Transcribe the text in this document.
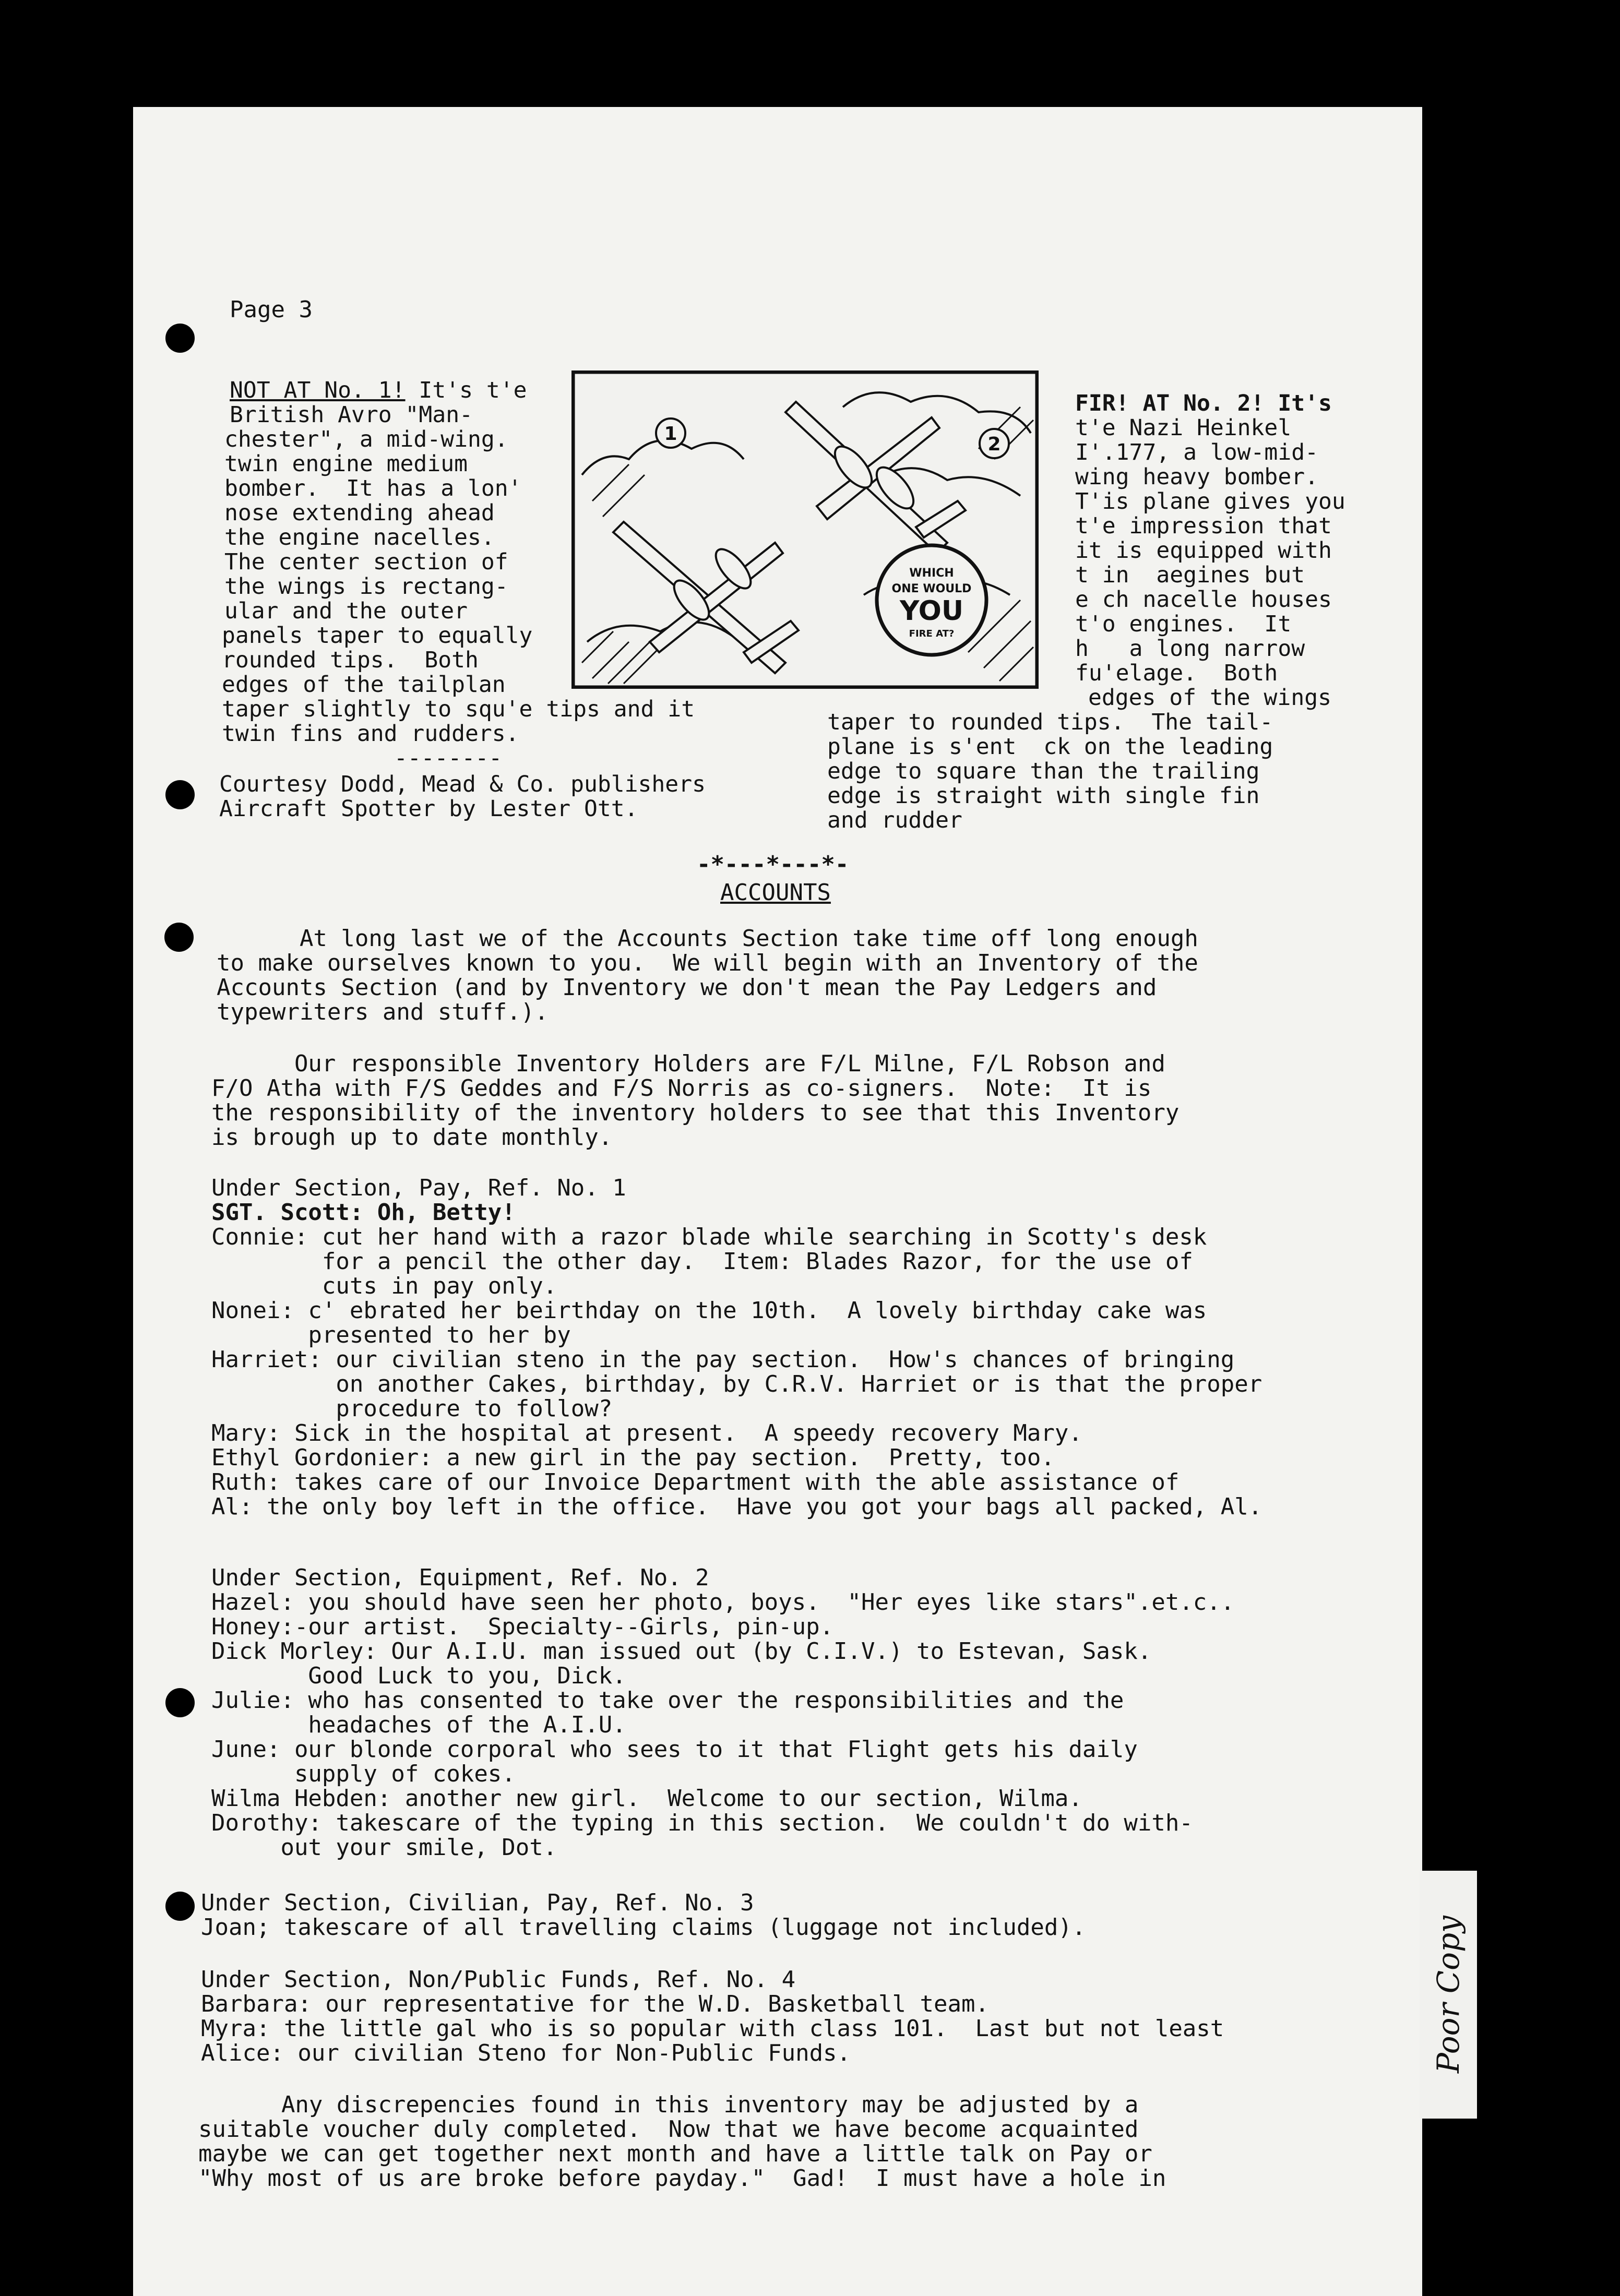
Page 3
NOT AT No. 1! It's t'e
British Avro "Man-
chester", a mid-wing.
twin engine medium
bomber.  It has a lon'
nose extending ahead
the engine nacelles.
The center section of
the wings is rectang-
ular and the outer
panels taper to equally
rounded tips.  Both
edges of the tailplan
taper slightly to squ'e tips and it
twin fins and rudders.
--------
Courtesy Dodd, Mead & Co. publishers
Aircraft Spotter by Lester Ott.
1	2
WHICH
ONE WOULD
YOU
FIRE AT?
FIR! AT No. 2! It's
t'e Nazi Heinkel
I'.177, a low-mid-
wing heavy bomber.
T'is plane gives you
t'e impression that
it is equipped with
t in  aegines but
e ch nacelle houses
t'o engines.  It
h   a long narrow
fu'elage.  Both
edges of the wings
taper to rounded tips.  The tail-
plane is s'ent  ck on the leading
edge to square than the trailing
edge is straight with single fin
and rudder
-*---*---*-
ACCOUNTS
At long last we of the Accounts Section take time off long enough
to make ourselves known to you.  We will begin with an Inventory of the
Accounts Section (and by Inventory we don't mean the Pay Ledgers and
typewriters and stuff.).
Our responsible Inventory Holders are F/L Milne, F/L Robson and
F/O Atha with F/S Geddes and F/S Norris as co-signers.  Note:  It is
the responsibility of the inventory holders to see that this Inventory
is brough up to date monthly.
Under Section, Pay, Ref. No. 1
SGT. Scott: Oh, Betty!
Connie: cut her hand with a razor blade while searching in Scotty's desk
for a pencil the other day.  Item: Blades Razor, for the use of
cuts in pay only.
Nonei: c' ebrated her beirthday on the 10th.  A lovely birthday cake was
presented to her by
Harriet: our civilian steno in the pay section.  How's chances of bringing
on another Cakes, birthday, by C.R.V. Harriet or is that the proper
procedure to follow?
Mary: Sick in the hospital at present.  A speedy recovery Mary.
Ethyl Gordonier: a new girl in the pay section.  Pretty, too.
Ruth: takes care of our Invoice Department with the able assistance of
Al: the only boy left in the office.  Have you got your bags all packed, Al.
Under Section, Equipment, Ref. No. 2
Hazel: you should have seen her photo, boys.  "Her eyes like stars".et.c..
Honey:-our artist.  Specialty--Girls, pin-up.
Dick Morley: Our A.I.U. man issued out (by C.I.V.) to Estevan, Sask.
Good Luck to you, Dick.
Julie: who has consented to take over the responsibilities and the
headaches of the A.I.U.
June: our blonde corporal who sees to it that Flight gets his daily
supply of cokes.
Wilma Hebden: another new girl.  Welcome to our section, Wilma.
Dorothy: takescare of the typing in this section.  We couldn't do with-
out your smile, Dot.
Under Section, Civilian, Pay, Ref. No. 3
Joan; takescare of all travelling claims (luggage not included).
Under Section, Non/Public Funds, Ref. No. 4
Barbara: our representative for the W.D. Basketball team.
Myra: the little gal who is so popular with class 101.  Last but not least
Alice: our civilian Steno for Non-Public Funds.
Any discrepencies found in this inventory may be adjusted by a
suitable voucher duly completed.  Now that we have become acquainted
maybe we can get together next month and have a little talk on Pay or
"Why most of us are broke before payday."  Gad!  I must have a hole in
Poor Copy
